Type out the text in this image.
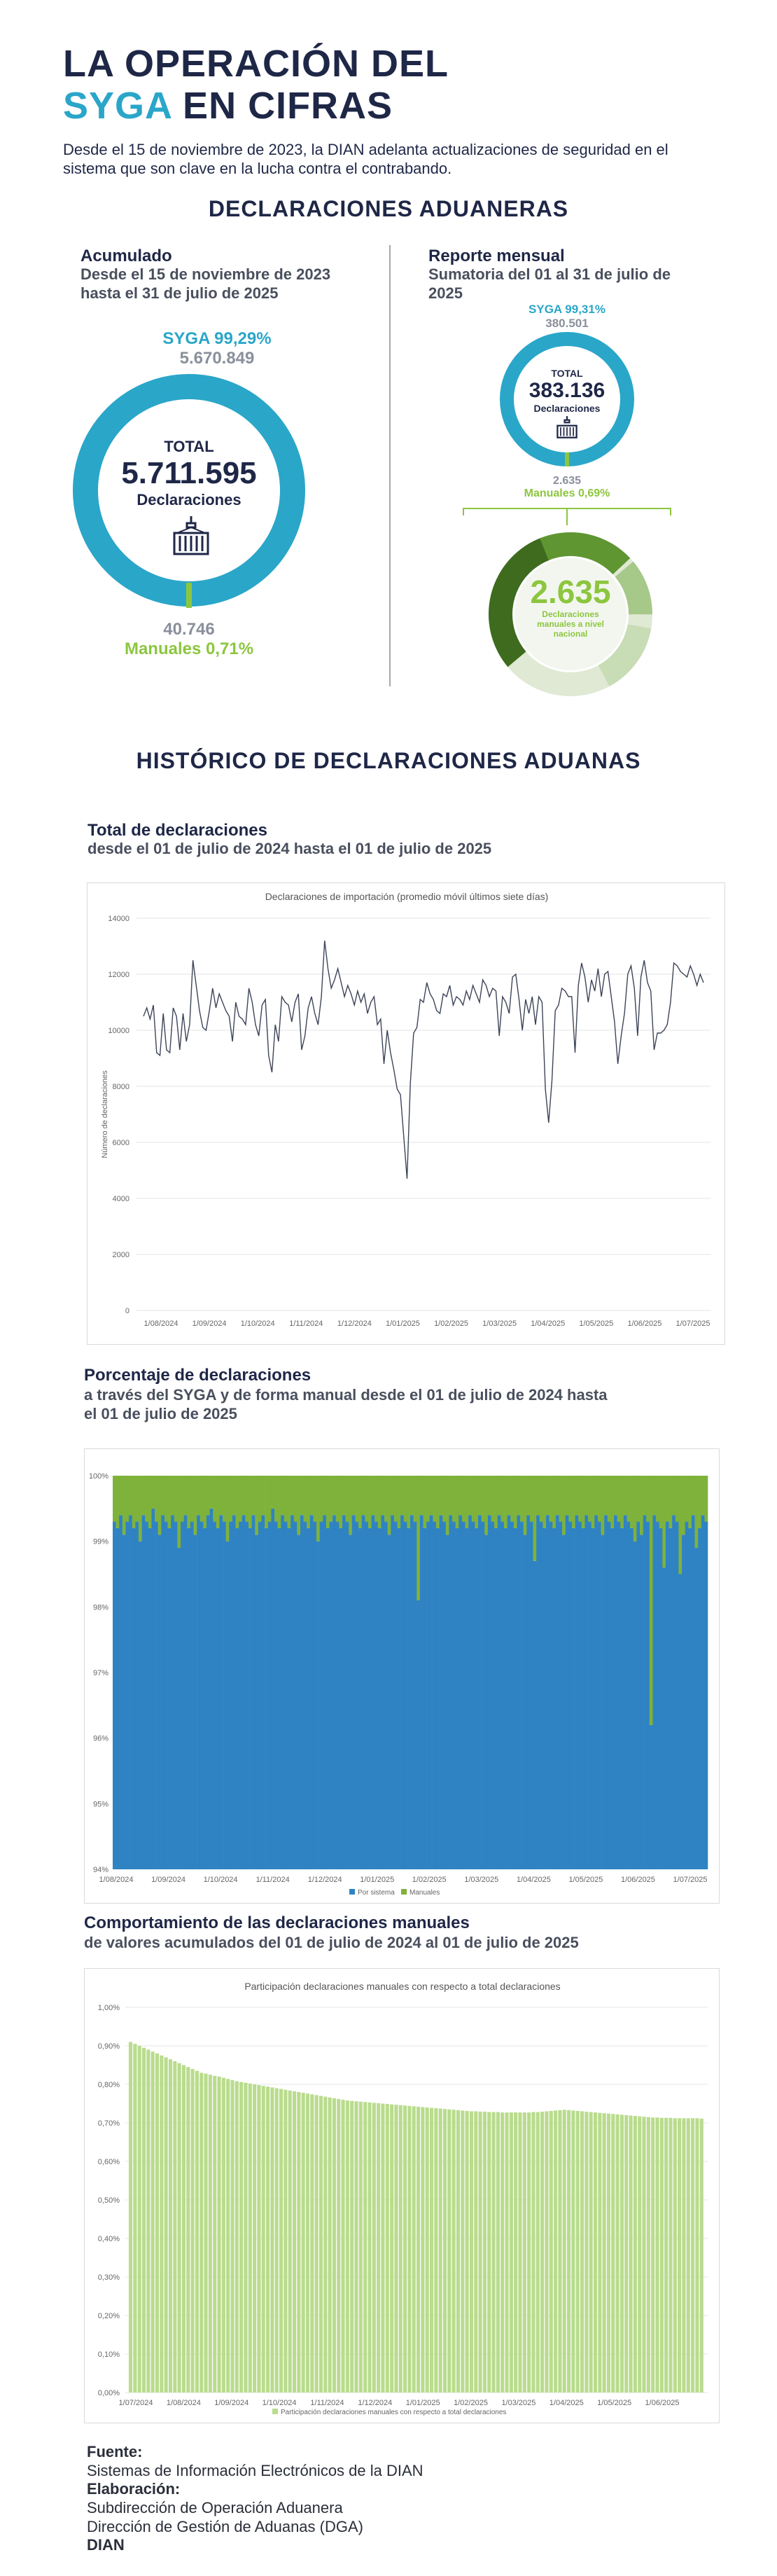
LA OPERACIÓN DEL
SYGA EN CIFRAS
Desde el 15 de noviembre de 2023, la DIAN adelanta actualizaciones de seguridad en el sistema que son clave en la lucha contra el contrabando.
DECLARACIONES ADUANERAS
Acumulado
Desde el 15 de noviembre de 2023 hasta el 31 de julio de 2025
SYGA 99,29%
5.670.849
TOTAL
5.711.595
Declaraciones
40.746
Manuales 0,71%
Reporte mensual
Sumatoria del 01 al 31 de julio de 2025
SYGA 99,31%
380.501
TOTAL
383.136
Declaraciones
2.635
Manuales 0,69%
2.635
Declaraciones manuales a nivel nacional
HISTÓRICO DE DECLARACIONES ADUANAS
Total de declaraciones
desde el 01 de julio de 2024 hasta el 01 de julio de 2025
Declaraciones de importación (promedio móvil últimos siete días)
0
2000
4000
6000
8000
10000
12000
14000
Número de declaraciones
1/08/2024 1/09/2024 1/10/2024 1/11/2024 1/12/2024 1/01/2025 1/02/2025 1/03/2025 1/04/2025 1/05/2025 1/06/2025 1/07/2025
Porcentaje de declaraciones
a través del SYGA y de forma manual desde el 01 de julio de 2024 hasta el 01 de julio de 2025
94%
95%
96%
97%
98%
99%
100%
1/08/2024 1/09/2024 1/10/2024 1/11/2024 1/12/2024 1/01/2025 1/02/2025 1/03/2025 1/04/2025 1/05/2025 1/06/2025 1/07/2025
Por sistema Manuales
Comportamiento de las declaraciones manuales
de valores acumulados del 01 de julio de 2024 al 01 de julio de 2025
Participación declaraciones manuales con respecto a total declaraciones
0,00%
0,10%
0,20%
0,30%
0,40%
0,50%
0,60%
0,70%
0,80%
0,90%
1,00%
1/07/2024 1/08/2024 1/09/2024 1/10/2024 1/11/2024 1/12/2024 1/01/2025 1/02/2025 1/03/2025 1/04/2025 1/05/2025 1/06/2025
Participación declaraciones manuales con respecto a total declaraciones
Fuente:
Sistemas de Información Electrónicos de la DIAN
Elaboración:
Subdirección de Operación Aduanera
Dirección de Gestión de Aduanas (DGA)
DIAN
